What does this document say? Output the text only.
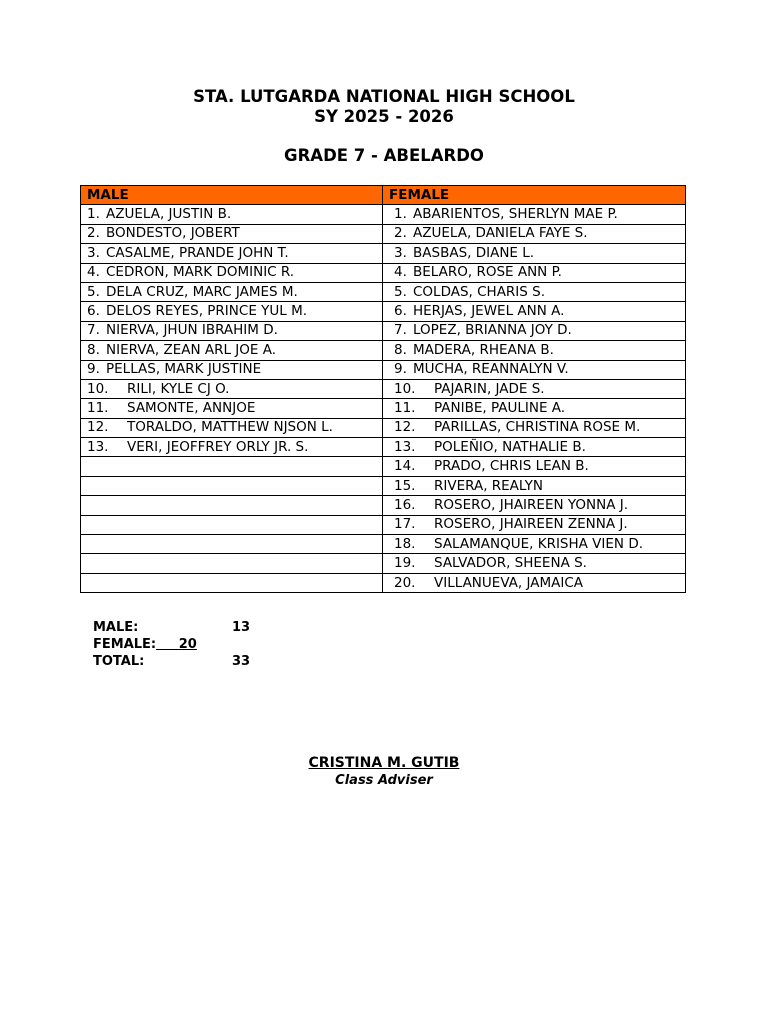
STA. LUTGARDA NATIONAL HIGH SCHOOL
SY 2025 - 2026
GRADE 7 - ABELARDO
MALE	FEMALE
1. AZUELA, JUSTIN B.	1. ABARIENTOS, SHERLYN MAE P.
2. BONDESTO, JOBERT	2. AZUELA, DANIELA FAYE S.
3. CASALME, PRANDE JOHN T.	3. BASBAS, DIANE L.
4. CEDRON, MARK DOMINIC R.	4. BELARO, ROSE ANN P.
5. DELA CRUZ, MARC JAMES M.	5. COLDAS, CHARIS S.
6. DELOS REYES, PRINCE YUL M.	6. HERJAS, JEWEL ANN A.
7. NIERVA, JHUN IBRAHIM D.	7. LOPEZ, BRIANNA JOY D.
8. NIERVA, ZEAN ARL JOE A.	8. MADERA, RHEANA B.
9. PELLAS, MARK JUSTINE	9. MUCHA, REANNALYN V.
10. RILI, KYLE CJ O.	10. PAJARIN, JADE S.
11. SAMONTE, ANNJOE	11. PANIBE, PAULINE A.
12. TORALDO, MATTHEW NJSON L.	12. PARILLAS, CHRISTINA ROSE M.
13. VERI, JEOFFREY ORLY JR. S.	13. POLEÑIO, NATHALIE B.
	14. PRADO, CHRIS LEAN B.
	15. RIVERA, REALYN
	16. ROSERO, JHAIREEN YONNA J.
	17. ROSERO, JHAIREEN ZENNA J.
	18. SALAMANQUE, KRISHA VIEN D.
	19. SALVADOR, SHEENA S.
	20. VILLANUEVA, JAMAICA
MALE:	13
FEMALE: 20
TOTAL:	33
CRISTINA M. GUTIB
Class Adviser
